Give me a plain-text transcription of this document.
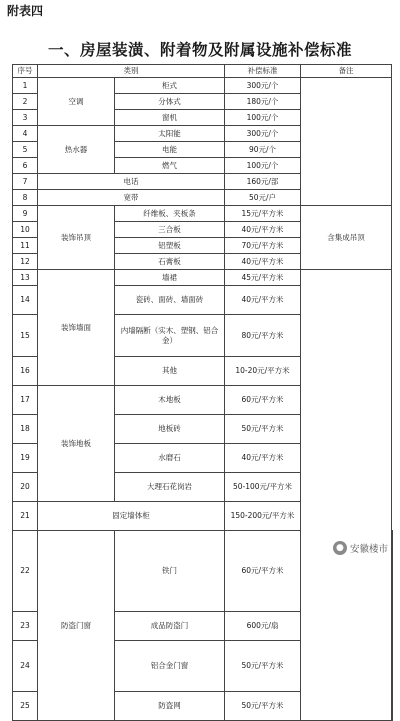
附表四
一、房屋装潢、附着物及附属设施补偿标准
序号	类别		补偿标准	备注	
1	空调	柜式	300元/个		
2		分体式	180元/个		
3		窗机	100元/个		
4	热水器	太阳能	300元/个		
5		电能	90元/个		
6		燃气	100元/个		
7	电话		160元/部		
8	宽带		50元/户		
9	装饰吊顶	纤维板、夹板条	15元/平方米	含集成吊顶	
10		三合板	40元/平方米		
11		铝塑板	70元/平方米		
12		石膏板	40元/平方米		
13	装饰墙面	墙裙	45元/平方米		
14		瓷砖、面砖、墙面砖	40元/平方米		
15		内墙隔断（实木、塑钢、铝合金）	80元/平方米		
16		其他	10-20元/平方米		
17	装饰地板	木地板	60元/平方米		
18		地板砖	50元/平方米		
19		水磨石	40元/平方米		
20		大理石花岗岩	50-100元/平方米		
21	固定墙体柜		150-200元/平方米		
22	防盗门窗	铁门	60元/平方米	
23		成品防盗门	600元/扇		
24		铝合金门窗	50元/平方米	
25		防盗网	50元/平方米		
● 安徽楼市
